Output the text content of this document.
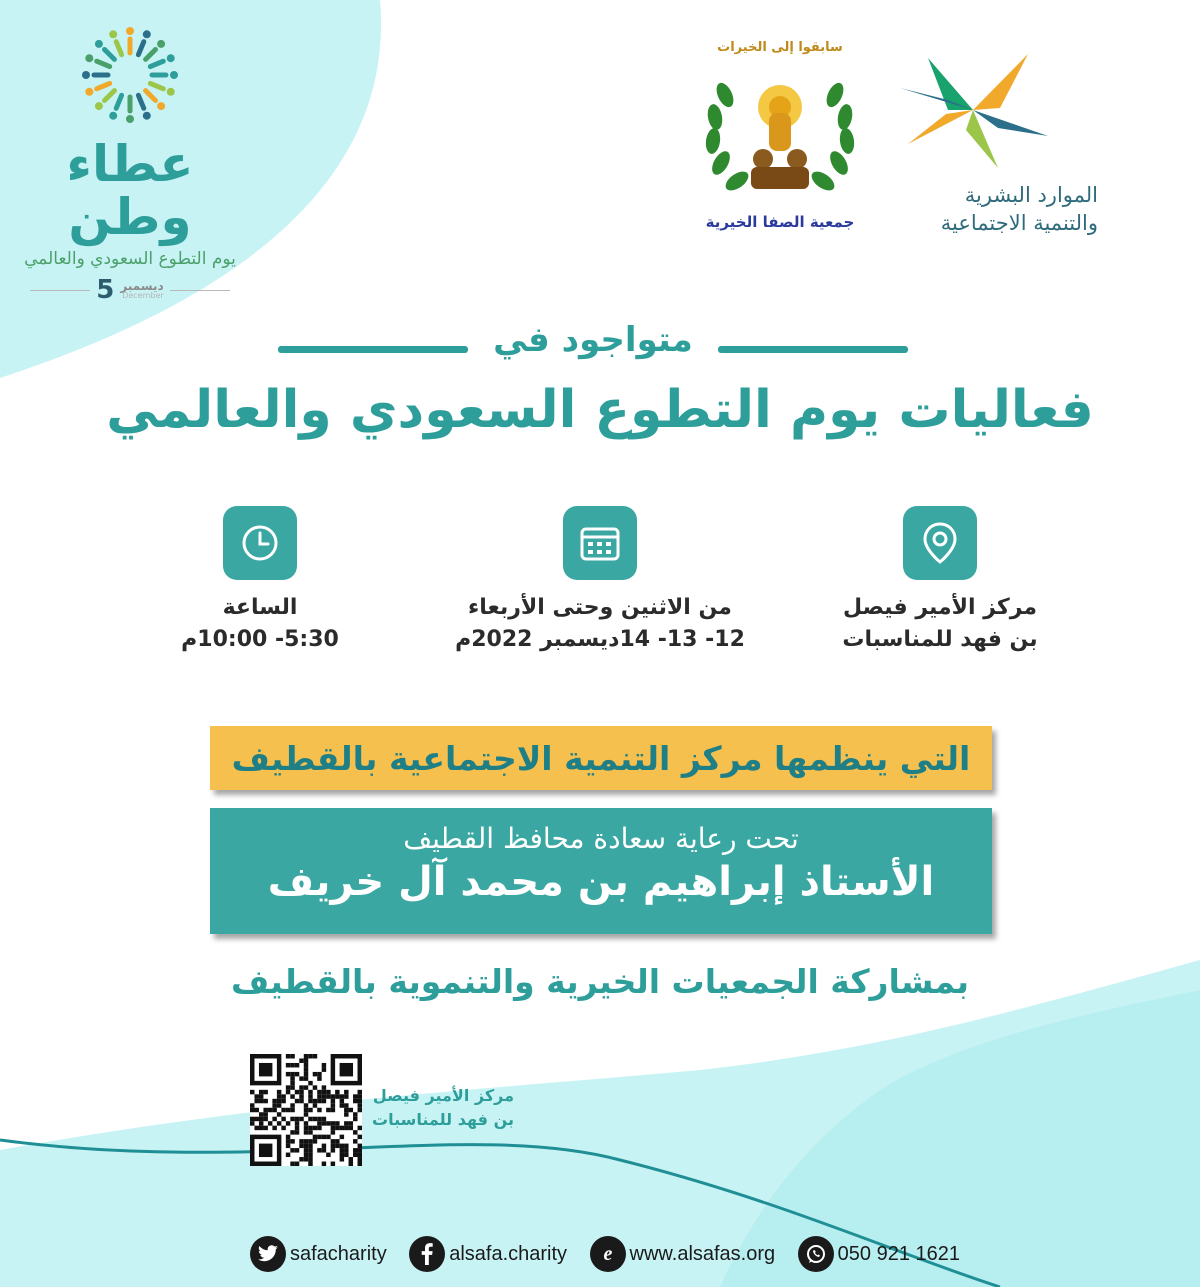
عطاء وطن
يوم التطوع السعودي والعالمي
5 ديسمبر
December
سابقوا إلى الخيرات
جمعية الصفا الخيرية
الموارد البشرية
والتنمية الاجتماعية
متواجود في
فعاليات يوم التطوع السعودي والعالمي
مركز الأمير فيصل
بن فهد للمناسبات
من الاثنين وحتى الأربعاء
12- 13- 14ديسمبر 2022م
الساعة
5:30- 10:00م
التي ينظمها مركز التنمية الاجتماعية بالقطيف
تحت رعاية سعادة محافظ القطيف
الأستاذ إبراهيم بن محمد آل خريف
بمشاركة الجمعيات الخيرية والتنموية بالقطيف
مركز الأمير فيصل
بن فهد للمناسبات
safacharity	alsafa.charity e www.alsafas.org	050 921 1621
